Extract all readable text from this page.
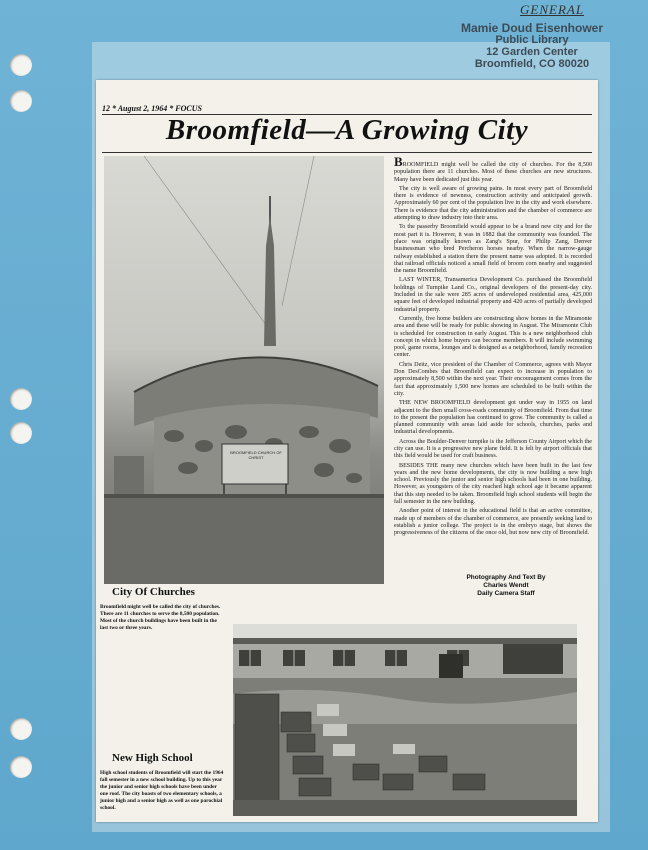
GENERAL
Mamie Doud Eisenhower
Public Library
12 Garden Center
Broomfield, CO 80020
12 * August 2, 1964 * FOCUS
Broomfield—A Growing City
BROOMFIELD CHURCH OF CHRIST

BROOMFIELD might well be called the city of churches. For the 8,500 population there are 11 churches. Most of these churches are new structures. Many have been dedicated just this year.

The city is well aware of growing pains. In most every part of Broomfield there is evidence of newness, construction activity and anticipated growth. Approximately 60 per cent of the population live in the city and work elsewhere. There is evidence that the city administration and the chamber of commerce are attempting to draw industry into their area.

To the passerby Broomfield would appear to be a brand new city and for the most part it is. However, it was in 1882 that the community was founded. The place was originally known as Zang's Spur, for Philip Zang, Denver businessman who bred Percheron horses nearby. When the narrow-gauge railway established a station there the present name was adopted. It is recorded that railroad officials noticed a small field of broom corn nearby and suggested the name Broomfield.

LAST WINTER, Transamerica Development Co. purchased the Broomfield holdings of Turnpike Land Co., original developers of the present-day city. Included in the sale were 285 acres of undeveloped residential area, 425,000 square feet of developed industrial property and 420 acres of partially developed industrial property.

Currently, five home builders are constructing show homes in the Miramonte area and these will be ready for public showing in August. The Miramonte Club is scheduled for construction in early August. This is a new neighborhood club concept in which home buyers can become members. It will include swimming pool, game rooms, lounges and is designed as a neighborhood, family recreation center.

Chris Deitz, vice president of the Chamber of Commerce, agrees with Mayor Don DesCombes that Broomfield can expect to increase in population to approximately 8,500 within the next year. Their encouragement comes from the fact that approximately 1,500 new homes are scheduled to be built within the city.

THE NEW BROOMFIELD development got under way in 1955 on land adjacent to the then small cross-roads community of Broomfield. From that time to the present the population has continued to grow. The community is called a planned community with areas laid aside for schools, churches, parks and industrial developments.

Across the Boulder-Denver turnpike is the Jefferson County Airport which the city can use. It is a progressive new plane field. It is felt by airport officials that this field would be used for craft business.

BESIDES THE many new churches which have been built in the last few years and the new home developments, the city is now building a new high school. Previously the junior and senior high schools had been in one building. However, as youngsters of the city reached high school age it became apparent that this step needed to be taken. Broomfield high school students will begin the fall semester in the new building.

Another point of interest in the educational field is that an active committee, made up of members of the chamber of commerce, are presently seeking land to establish a junior college. The project is in the embryo stage, but shows the progressiveness of the citizens of the once old, but now new city of Broomfield.

Photography And Text By
Charles Wendt
Daily Camera Staff
City Of Churches
Broomfield might well be called the city of churches. There are 11 churches to serve the 8,500 population. Most of the church buildings have been built in the last two or three years.
New High School
High school students of Broomfield will start the 1964 fall semester in a new school building. Up to this year the junior and senior high schools have been under one roof. The city boasts of two elementary schools, a junior high and a senior high as well as one parochial school.
